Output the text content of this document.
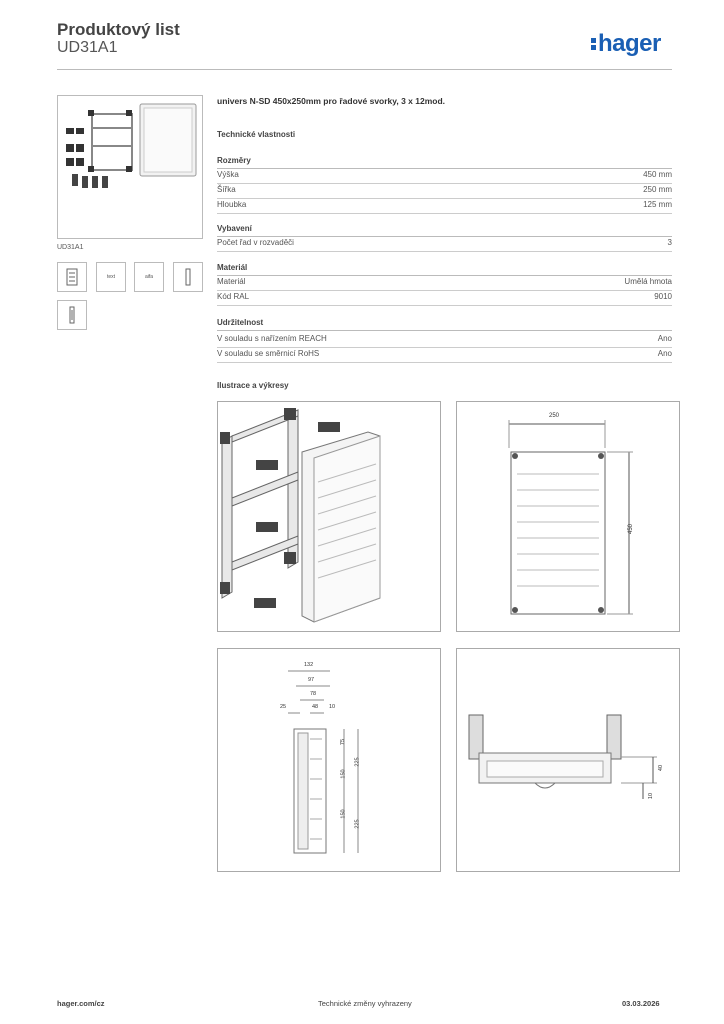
Produktový list
UD31A1	hager
UD31A1
text	aifa
univers N-SD 450x250mm pro řadové svorky, 3 x 12mod.
Technické vlastnosti
Rozměry
Výška	450 mm
Šířka	250 mm
Hloubka	125 mm
Vybavení
Počet řad v rozvaděči	3
Materiál
Materiál	Umělá hmota
Kód RAL	9010
Udržitelnost
V souladu s nařízením REACH	Ano
V souladu se směrnicí RoHS	Ano
Ilustrace a výkresy
250
450
132
97
78
48 10
25
75
150
225
150
225
40
10
hager.com/cz	Technické změny vyhrazeny	03.03.2026
